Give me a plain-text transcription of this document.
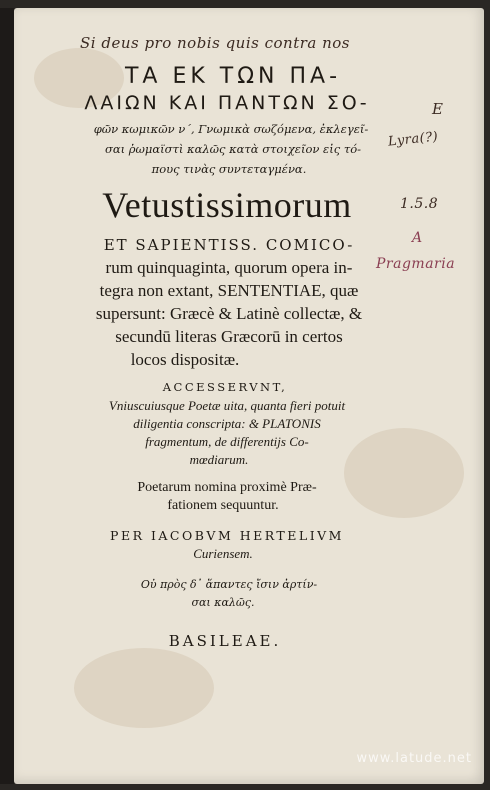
Si deus pro nobis quis contra nos
E
Lyra(?)
1.5.8
A
Pragmaria
ΤΑ ΕΚ ΤΩΝ ΠΑ-
ΛΑΙΩΝ ΚΑΙ ΠΑΝΤΩΝ ΣΟ-
φῶν κωμικῶν ν΄, Γνωμικὰ σωζόμενα, ἐκλεγεῖ-
σαι ῥωμαϊστὶ καλῶς κατὰ στοιχεῖον εἰς τό-
πους τινὰς συντεταγμένα.
Vetustissimorum
ET SAPIENTISS. COMICO-
rum quinquaginta, quorum opera in-
tegra non extant, SENTENTIAE, quæ
supersunt: Græcè & Latinè collectæ, &
secundū literas Græcorū in certos
locos dispositæ.
ACCESSERVNT,
Vniuscuiusque Poetæ uita, quanta fieri potuit
diligentia conscripta: & PLATONIS
fragmentum, de differentijs Co-
mœdiarum.
Poetarum nomina proximè Præ-
fationem sequuntur.
PER IACOBVM HERTELIVM
Curiensem.
Οὐ πρὸς δ᾽ ἅπαντες ἴσιν ἀρτίν-
σαι καλῶς.
BASILEAE.
www.latude.net
